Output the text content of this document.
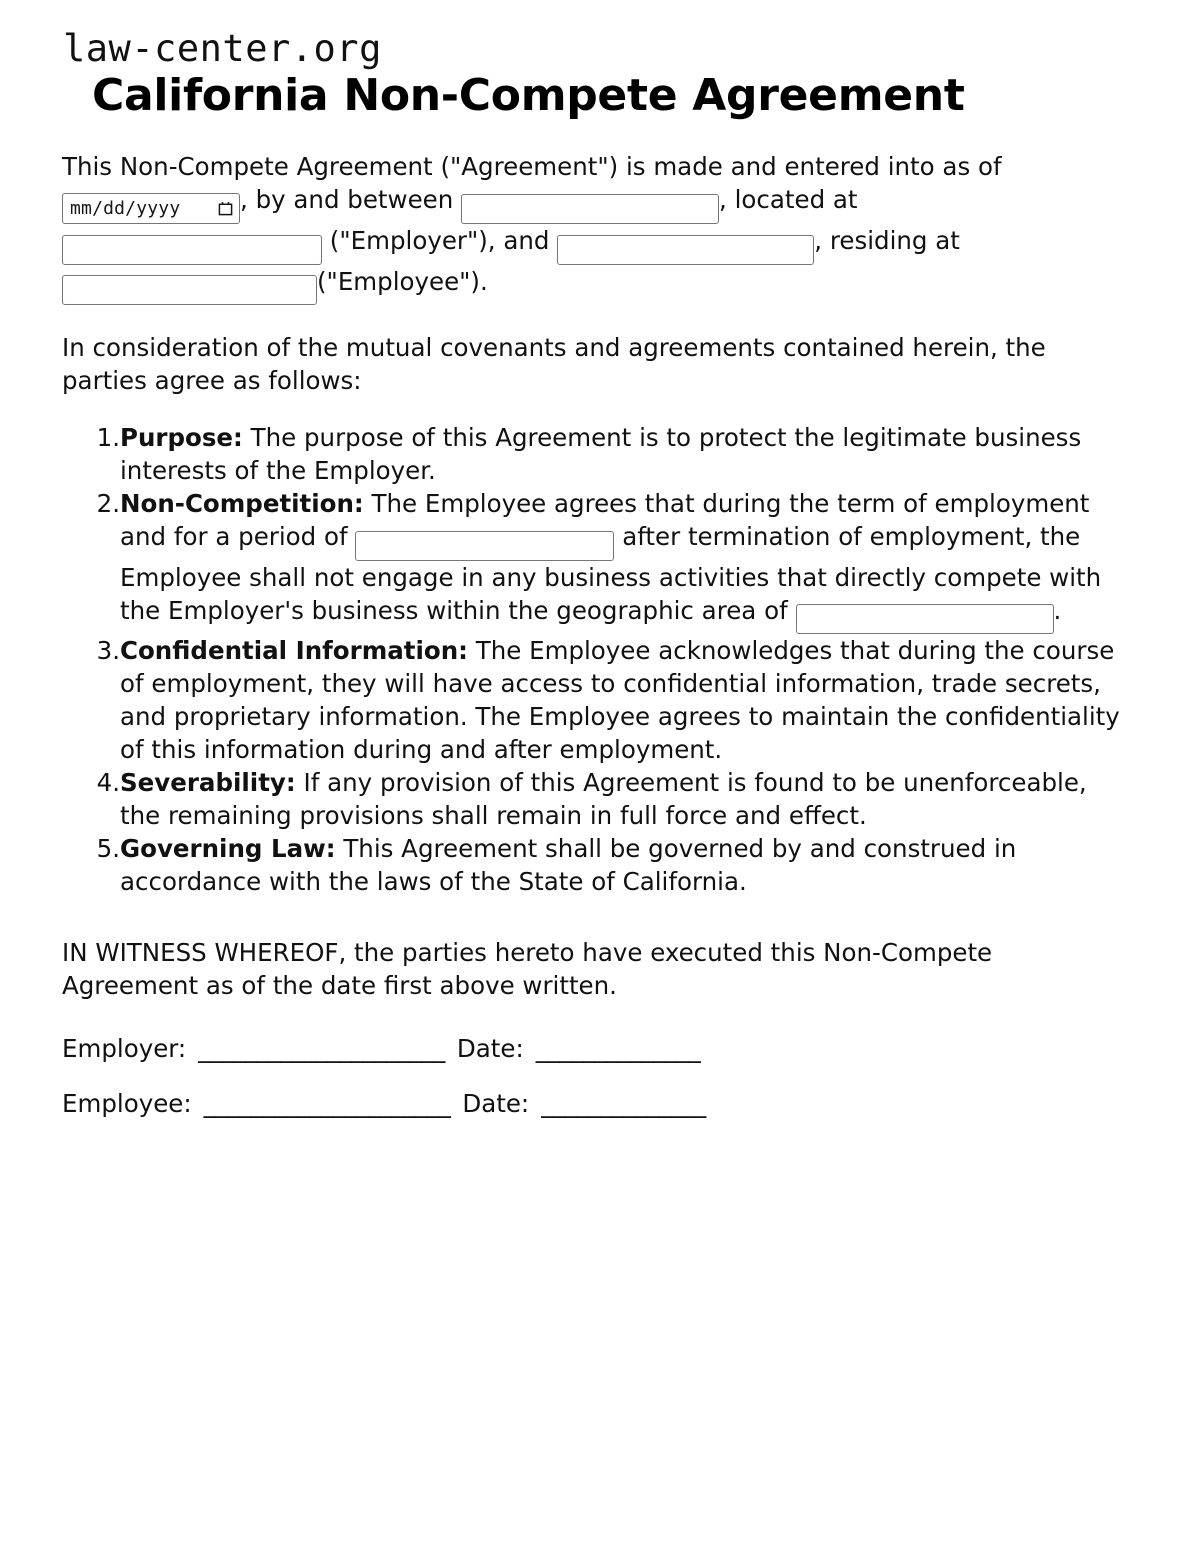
law-center.org
California Non-Compete Agreement

This Non-Compete Agreement ("Agreement") is made and entered into as of
mm/dd/yyyy	, by and between	, located at  ("Employer"), and	, residing at ("Employee").

In consideration of the mutual covenants and agreements contained herein, the parties agree as follows:

Purpose: The purpose of this Agreement is to protect the legitimate business interests of the Employer.
Non-Competition: The Employee agrees that during the term of employment and for a period of	after termination of employment, the Employee shall not engage in any business activities that directly compete with the Employer's business within the geographic area of	.
Confidential Information: The Employee acknowledges that during the course of employment, they will have access to confidential information, trade secrets, and proprietary information. The Employee agrees to maintain the confidentiality of this information during and after employment.
Severability: If any provision of this Agreement is found to be unenforceable, the remaining provisions shall remain in full force and effect.
Governing Law: This Agreement shall be governed by and construed in accordance with the laws of the State of California.

IN WITNESS WHEREOF, the parties hereto have executed this Non-Compete Agreement as of the date first above written.

Employer: _____________________ Date: ______________
Employee: _____________________ Date: ______________
